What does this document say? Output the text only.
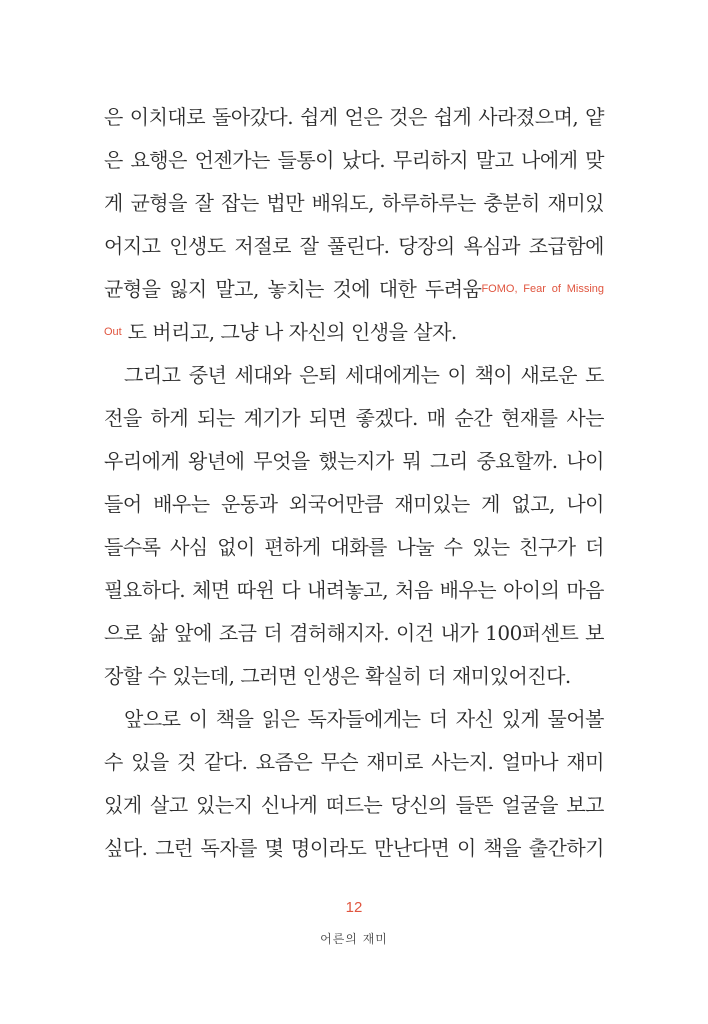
은 이치대로 돌아갔다. 쉽게 얻은 것은 쉽게 사라졌으며, 얕
은 요행은 언젠가는 들통이 났다. 무리하지 말고 나에게 맞
게 균형을 잘 잡는 법만 배워도, 하루하루는 충분히 재미있
어지고 인생도 저절로 잘 풀린다. 당장의 욕심과 조급함에
균형을 잃지 말고, 놓치는 것에 대한 두려움$^{FOMO, Fear of Missing}$
$^{Out}$ 도 버리고, 그냥 나 자신의 인생을 살자.
그리고 중년 세대와 은퇴 세대에게는 이 책이 새로운 도
전을 하게 되는 계기가 되면 좋겠다. 매 순간 현재를 사는
우리에게 왕년에 무엇을 했는지가 뭐 그리 중요할까. 나이
들어 배우는 운동과 외국어만큼 재미있는 게 없고, 나이
들수록 사심 없이 편하게 대화를 나눌 수 있는 친구가 더
필요하다. 체면 따윈 다 내려놓고, 처음 배우는 아이의 마음
으로 삶 앞에 조금 더 겸허해지자. 이건 내가 100퍼센트 보
장할 수 있는데, 그러면 인생은 확실히 더 재미있어진다.
앞으로 이 책을 읽은 독자들에게는 더 자신 있게 물어볼
수 있을 것 같다. 요즘은 무슨 재미로 사는지. 얼마나 재미
있게 살고 있는지 신나게 떠드는 당신의 들뜬 얼굴을 보고
싶다. 그런 독자를 몇 명이라도 만난다면 이 책을 출간하기
12
어른의 재미
